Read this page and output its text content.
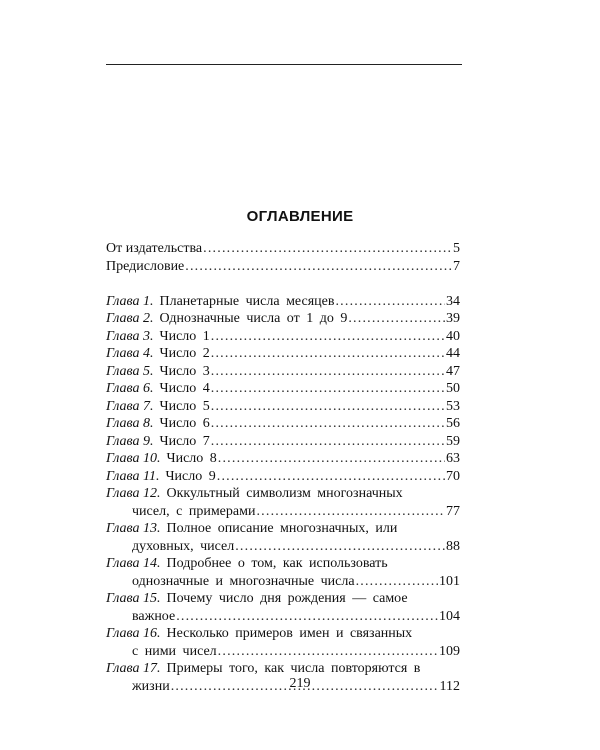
ОГЛАВЛЕНИЕ
От издательства .....	5
Предисловие .....	7
Глава 1. Планетарные числа месяцев .....	34
Глава 2. Однозначные числа от 1 до 9 .....	39
Глава 3. Число 1 .....	40
Глава 4. Число 2 .....	44
Глава 5. Число 3 .....	47
Глава 6. Число 4 .....	50
Глава 7. Число 5 .....	53
Глава 8. Число 6 .....	56
Глава 9. Число 7 .....	59
Глава 10. Число 8 .....	63
Глава 11. Число 9 .....	70
Глава 12. Оккультный символизм многозначных
чисел, с примерами .....	77
Глава 13. Полное описание многозначных, или
духовных, чисел .....	88
Глава 14. Подробнее о том, как использовать
однозначные и многозначные числа .....	101
Глава 15. Почему число дня рождения — самое
важное .....	104
Глава 16. Несколько примеров имен и связанных
с ними чисел .....	109
Глава 17. Примеры того, как числа повторяются в
жизни .....	112
219
